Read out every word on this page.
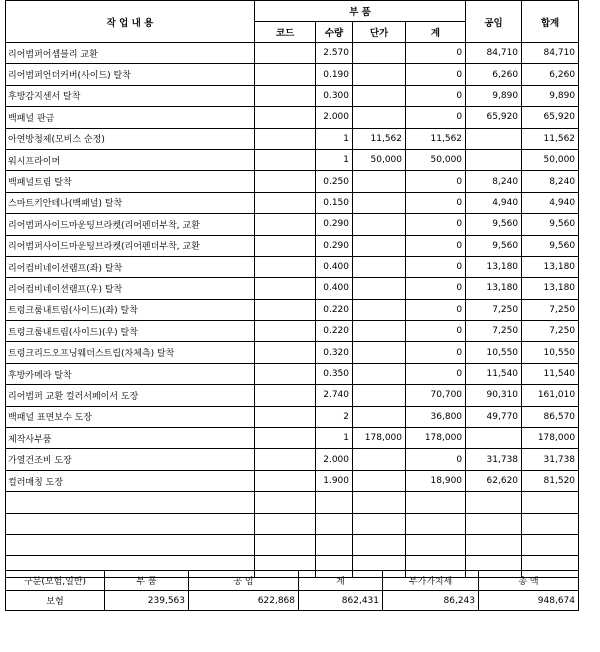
작 업 내 용	부 품				공임	합계
	코드	수량	단가	계		
리어범퍼어셈블리 교환		2.570		0	84,710	84,710
리어범퍼언더커버(사이드) 탈착		0.190		0	6,260	6,260
후방감지센서 탈착		0.300		0	9,890	9,890
백패널 판금		2.000		0	65,920	65,920
아연방청제(모비스 순정)		1	11,562	11,562		11,562
워시프라이머		1	50,000	50,000		50,000
백패널트림 탈착		0.250		0	8,240	8,240
스마트키안테나(백패널) 탈착		0.150		0	4,940	4,940
리어범퍼사이드마운팅브라켓(리어펜더부착, 교환		0.290		0	9,560	9,560
리어범퍼사이드마운팅브라켓(리어펜더부착, 교환		0.290		0	9,560	9,560
리어컴비네이션램프(좌) 탈착		0.400		0	13,180	13,180
리어컴비네이션램프(우) 탈착		0.400		0	13,180	13,180
트렁크룸내트림(사이드)(좌) 탈착		0.220		0	7,250	7,250
트렁크룸내트림(사이드)(우) 탈착		0.220		0	7,250	7,250
트렁크리드오프닝웨더스트립(차체측) 탈착		0.320		0	10,550	10,550
후방카메라 탈착		0.350		0	11,540	11,540
리어범퍼 교환 컬러서페이서 도장		2.740		70,700	90,310	161,010
백패널 표면보수 도장		2		36,800	49,770	86,570
제작사부품		1	178,000	178,000		178,000
가열건조비 도장		2.000		0	31,738	31,738
컬러매칭 도장		1.900		18,900	62,620	81,520

구분(보험,일반)	부 품	공 임	계	부가가치세	총 액
보험	239,563	622,868	862,431	86,243	948,674
